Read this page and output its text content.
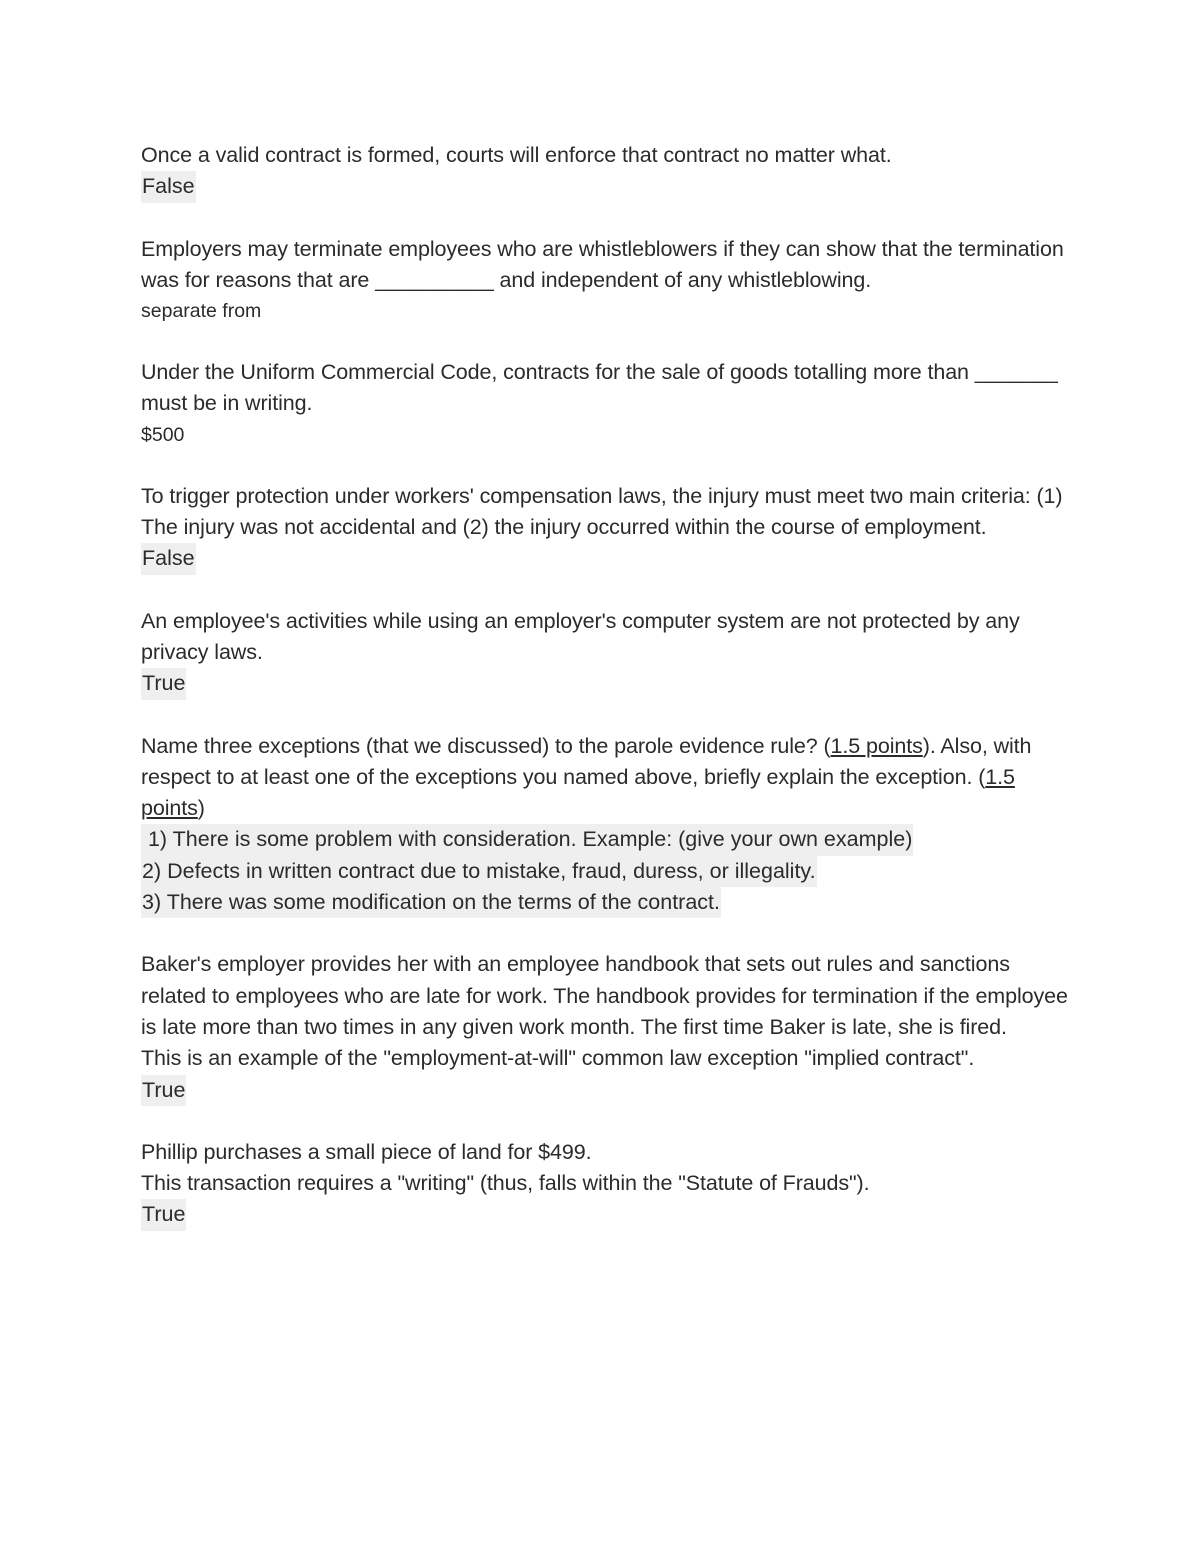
Once a valid contract is formed, courts will enforce that contract no matter what.

False

Employers may terminate employees who are whistleblowers if they can show that the termination was for reasons that are __________ and independent of any whistleblowing.

separate from

Under the Uniform Commercial Code, contracts for the sale of goods totalling more than _______ must be in writing.

$500

To trigger protection under workers' compensation laws, the injury must meet two main criteria: (1) The injury was not accidental and (2) the injury occurred within the course of employment.

False

An employee's activities while using an employer's computer system are not protected by any privacy laws.

True

Name three exceptions (that we discussed) to the parole evidence rule? (1.5 points). Also, with respect to at least one of the exceptions you named above, briefly explain the exception. (1.5 points)

1) There is some problem with consideration. Example: (give your own example)
2) Defects in written contract due to mistake, fraud, duress, or illegality.
3) There was some modification on the terms of the contract.

Baker's employer provides her with an employee handbook that sets out rules and sanctions related to employees who are late for work. The handbook provides for termination if the employee is late more than two times in any given work month. The first time Baker is late, she is fired.

This is an example of the "employment-at-will" common law exception "implied contract".

True

Phillip purchases a small piece of land for $499.

This transaction requires a "writing" (thus, falls within the "Statute of Frauds").

True
